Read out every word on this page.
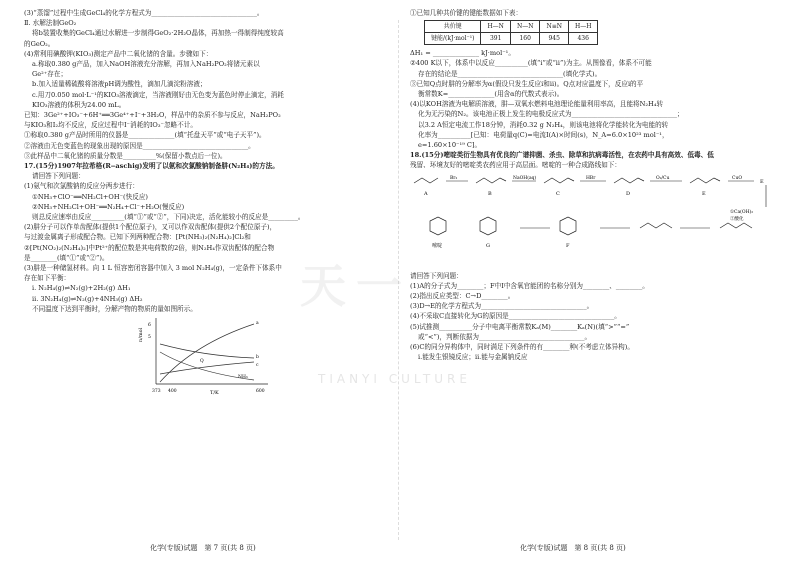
天一
TIANYI CULTURE
(3)“蒸馏”过程中生成GeCl₄的化学方程式为________________________________。
Ⅱ. 水解法制GeO₂
将b装置收集的GeCl₄通过水解进一步制得GeO₂·2H₂O晶体，再加热一得制得纯度较高
的GeO₂。
(4)常利用碘酸钾(KIO₃)测定产品中二氧化锗的含量。步骤如下：
a.称取0.380 g产品，加入NaOH溶液充分溶解，再加入NaH₂PO₂将锗元素以
Ge²⁺存在；
b.加入适量稀硫酸将溶液pH调为酸性，滴加几滴淀粉溶液；
c.用刀0.050 mol·L⁻¹的KIO₃溶液滴定，当溶液刚好由无色变为蓝色时停止滴定，消耗
KIO₃溶液的体积为24.00 mL。
已知：3Ge²⁺+IO₃⁻+6H⁺══3Ge⁴⁺+I⁻+3H₂O，样品中的杂质不参与反应，NaH₂PO₂
与KIO₃和I₂均不反应，反应过程中I⁻消耗的IO₃⁻忽略不计。
①称取0.380 g产品时所用的仪器是______________(填“托盘天平”或“电子天平”)。
②溶液由无色变蓝色的现象出现的原因是________________________________。
③此样品中二氧化锗的质量分数是__________%(保留小数点后一位)。
17.(15分)1907年拉希格(R‒aschig)发明了以氨和次氯酸钠制备肼(N₂H₄)的方法。
请回答下列问题：
(1)氨气和次氯酸钠的反应分两步进行：
①NH₃+ClO⁻══NH₂Cl+OH⁻(快反应)
②NH₃+NH₂Cl+OH⁻══N₂H₄+Cl⁻+H₂O(慢反应)
则总反应速率由反应__________(填“①”或“②”，下同)决定，活化能较小的反应是_________。
(2)肼分子可以作单齿配体(提供1个配位原子)，又可以作双齿配体(提供2个配位原子)，
与过渡金属离子形成配合物。已知下列两种配合物：[Pt(NH₃)₂(N₂H₄)₂]Cl₂和
②[Pt(NO₂)₂(N₂H₄)₂]中Pt²⁺的配位数是其电荷数的2倍，则N₂H₄作双齿配体的配合物
是________(填“①”或“②”)。
(3)肼是一种储氢材料。向 1 L 恒容密闭容器中加入 3 mol N₂H₄(g)，一定条件下体系中
存在如下平衡：
ⅰ. N₂H₄(g)⇌N₂(g)+2H₂(g) ΔH₁
ⅱ. 3N₂H₄(g)⇌N₂(g)+4NH₃(g) ΔH₂
不同温度下达到平衡时，分解产物的物质的量如图所示。
n/mol
T/K
373 400	600
6
5
a
b
c
NH₃
Q
化学(专版)试题　第 7 页(共 8 页)
①已知几种共价键的键能数据如下表：
共价键	H—N	N—N	N≡N	H—H
键能/(kJ·mol⁻¹)	391	160	945	436
ΔH₁ = ______________ kJ·mol⁻¹。
②400 K以下，体系中以反应__________(填“ⅰ”或“ⅱ”)为主。从图像看，体系不可能
存在的结论是________________________________(填化学式)。
③已知Q点时肼的分解率为α(假设只发生反应ⅰ和ⅱ)。Q点对应温度下，反应ⅰ的平
衡常数K=______________(用含α的代数式表示)。
(4)以KOH溶液为电解质溶液，肼—双氧水燃料电池理论能量利用率高，且能将N₂H₄转
化为无污染的N₂。该电池正极上发生的电极反应式为________________________________；
以3.2 A恒定电流工作18分钟，消耗0.32 g N₂H₄，则该电池将化学能转化为电能的转
化率为__________[已知：电荷量q(C)=电流I(A)×时间(s)，N_A=6.0×10²³ mol⁻¹，
e=1.60×10⁻¹⁹ C]。
18.(15分)嘧啶类衍生物具有优良的广谱抑菌、杀虫、除草和抗病毒活性，在农药中具有高效、低毒、低
残留、环境友好的嘧啶类农药应用于高层面。嘧啶的一种合成路线如下：
Br₂	NaOH(aq)	HBr	O₂/Cu	CuO
A	B	C	D	E
E
①Ca(OH)₂
②酸化
嘧啶	G	F
请回答下列问题：
(1)A的分子式为________；F中I中含氧官能团的名称分别为________、________。
(2)指出反应类型：C→D________。
(3)D→E的化学方程式为________________________________。
(4)不采取C直接转化为G的原因是________________________________。
(5)试推测__________分子中电离平衡常数Kₐ(M)________Kₐ(N)(填“>”“=”
或“<”)，判断依据为________________________________。
(6)C的同分异构体中，同时满足下列条件的有________种(不考虑立体异构)。
ⅰ.能发生银镜反应；ⅱ.能与金属钠反应
化学(专版)试题　第 8 页(共 8 页)
